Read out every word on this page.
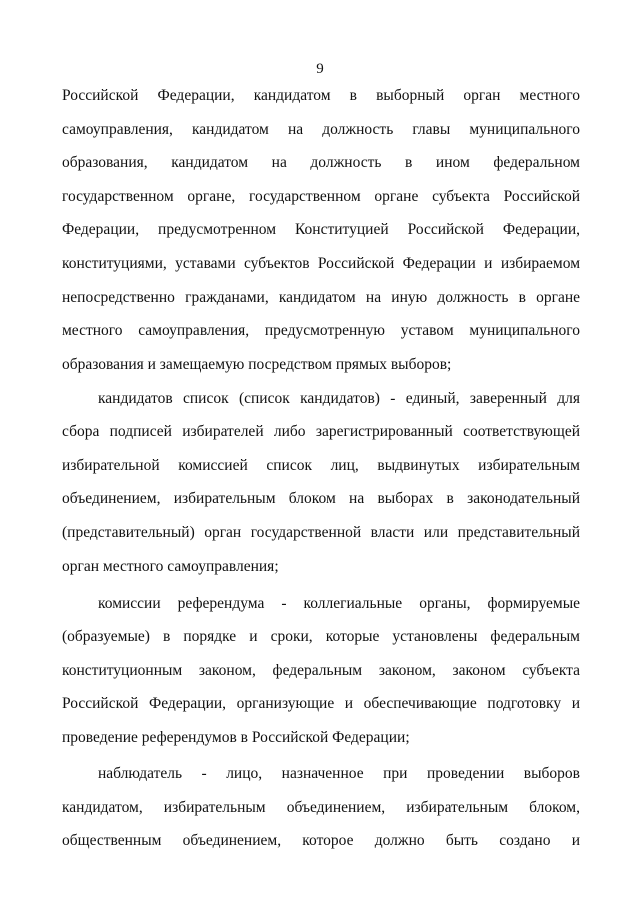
9
Российской Федерации, кандидатом в выборный орган местного
самоуправления, кандидатом на должность главы муниципального
образования, кандидатом на должность в ином федеральном
государственном органе, государственном органе субъекта Российской
Федерации, предусмотренном Конституцией Российской Федерации,
конституциями, уставами субъектов Российской Федерации и избираемом
непосредственно гражданами, кандидатом на иную должность в органе
местного самоуправления, предусмотренную уставом муниципального
образования и замещаемую посредством прямых выборов;
кандидатов список (список кандидатов) - единый, заверенный для
сбора подписей избирателей либо зарегистрированный соответствующей
избирательной комиссией список лиц, выдвинутых избирательным
объединением, избирательным блоком на выборах в законодательный
(представительный) орган государственной власти или представительный
орган местного самоуправления;
комиссии референдума - коллегиальные органы, формируемые
(образуемые) в порядке и сроки, которые установлены федеральным
конституционным законом, федеральным законом, законом субъекта
Российской Федерации, организующие и обеспечивающие подготовку и
проведение референдумов в Российской Федерации;
наблюдатель - лицо, назначенное при проведении выборов
кандидатом, избирательным объединением, избирательным блоком,
общественным объединением, которое должно быть создано и
